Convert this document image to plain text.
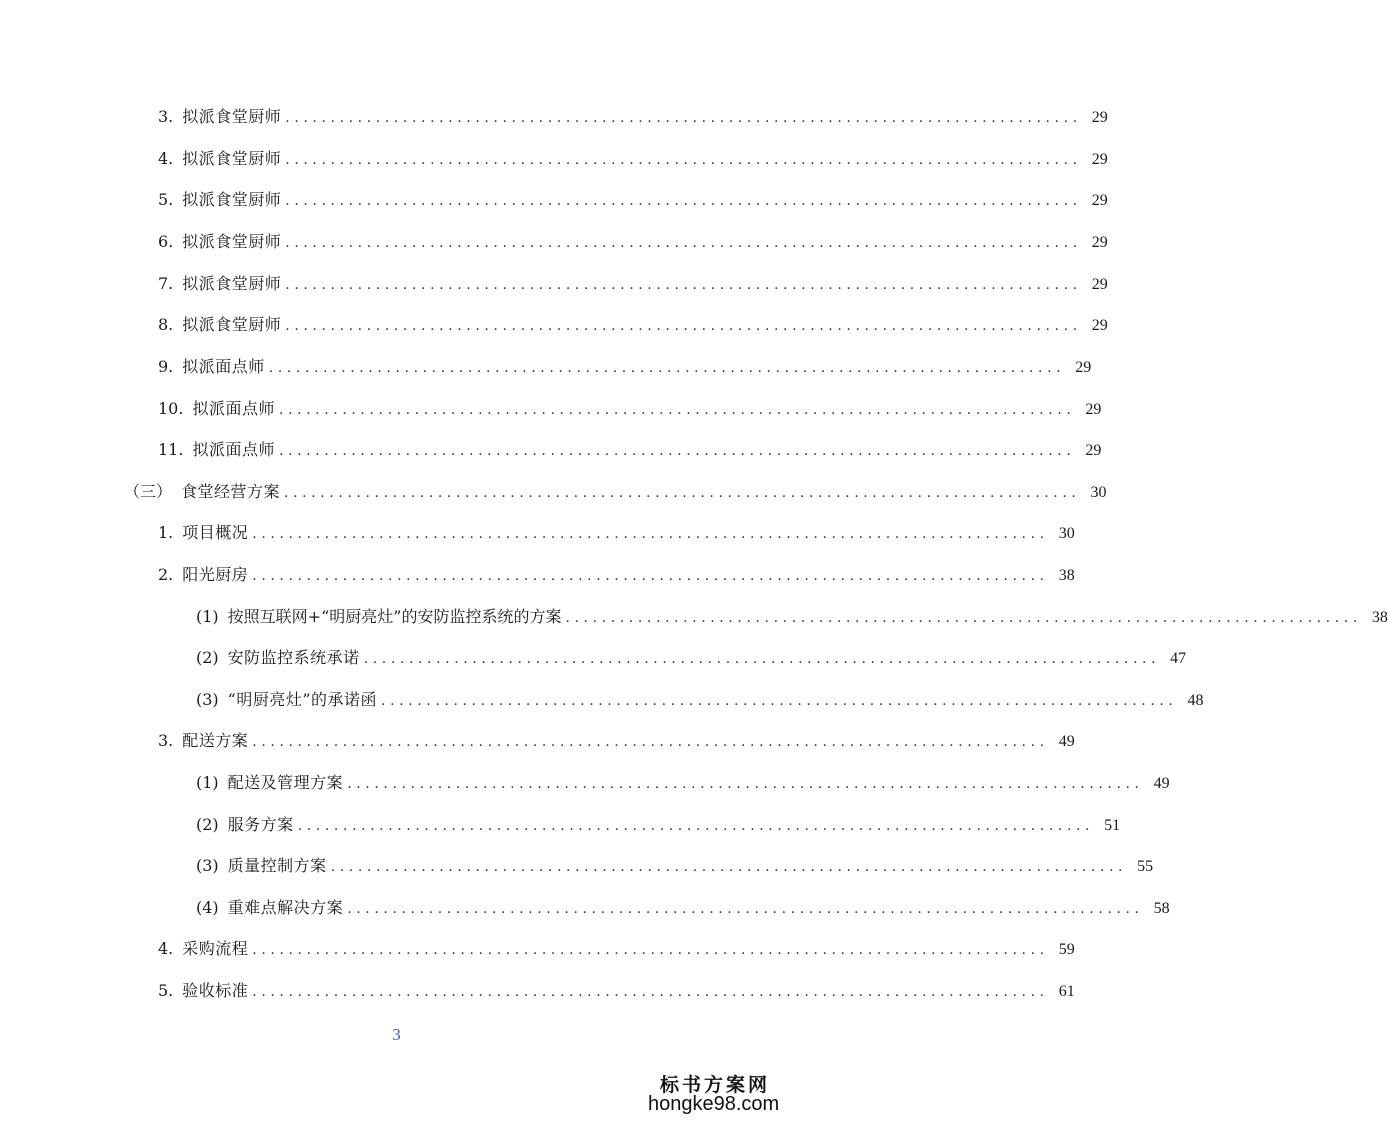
3. 拟派食堂厨师 ........................................................................................ 29
4. 拟派食堂厨师 ........................................................................................ 29
5. 拟派食堂厨师 ........................................................................................ 29
6. 拟派食堂厨师 ........................................................................................ 29
7. 拟派食堂厨师 ........................................................................................ 29
8. 拟派食堂厨师 ........................................................................................ 29
9. 拟派面点师 ........................................................................................ 29
10. 拟派面点师 ........................................................................................ 29
11. 拟派面点师 ........................................................................................ 29
（三） 食堂经营方案 ........................................................................................ 30
1. 项目概况 ........................................................................................ 30
2. 阳光厨房 ........................................................................................ 38
(1) 按照互联网+“明厨亮灶”的安防监控系统的方案 ........................................................................................ 38
(2) 安防监控系统承诺 ........................................................................................ 47
(3) “明厨亮灶”的承诺函 ........................................................................................ 48
3. 配送方案 ........................................................................................ 49
(1) 配送及管理方案 ........................................................................................ 49
(2) 服务方案 ........................................................................................ 51
(3) 质量控制方案 ........................................................................................ 55
(4) 重难点解决方案 ........................................................................................ 58
4. 采购流程 ........................................................................................ 59
5. 验收标准 ........................................................................................ 61
3
标书方案网
hongke98.com
